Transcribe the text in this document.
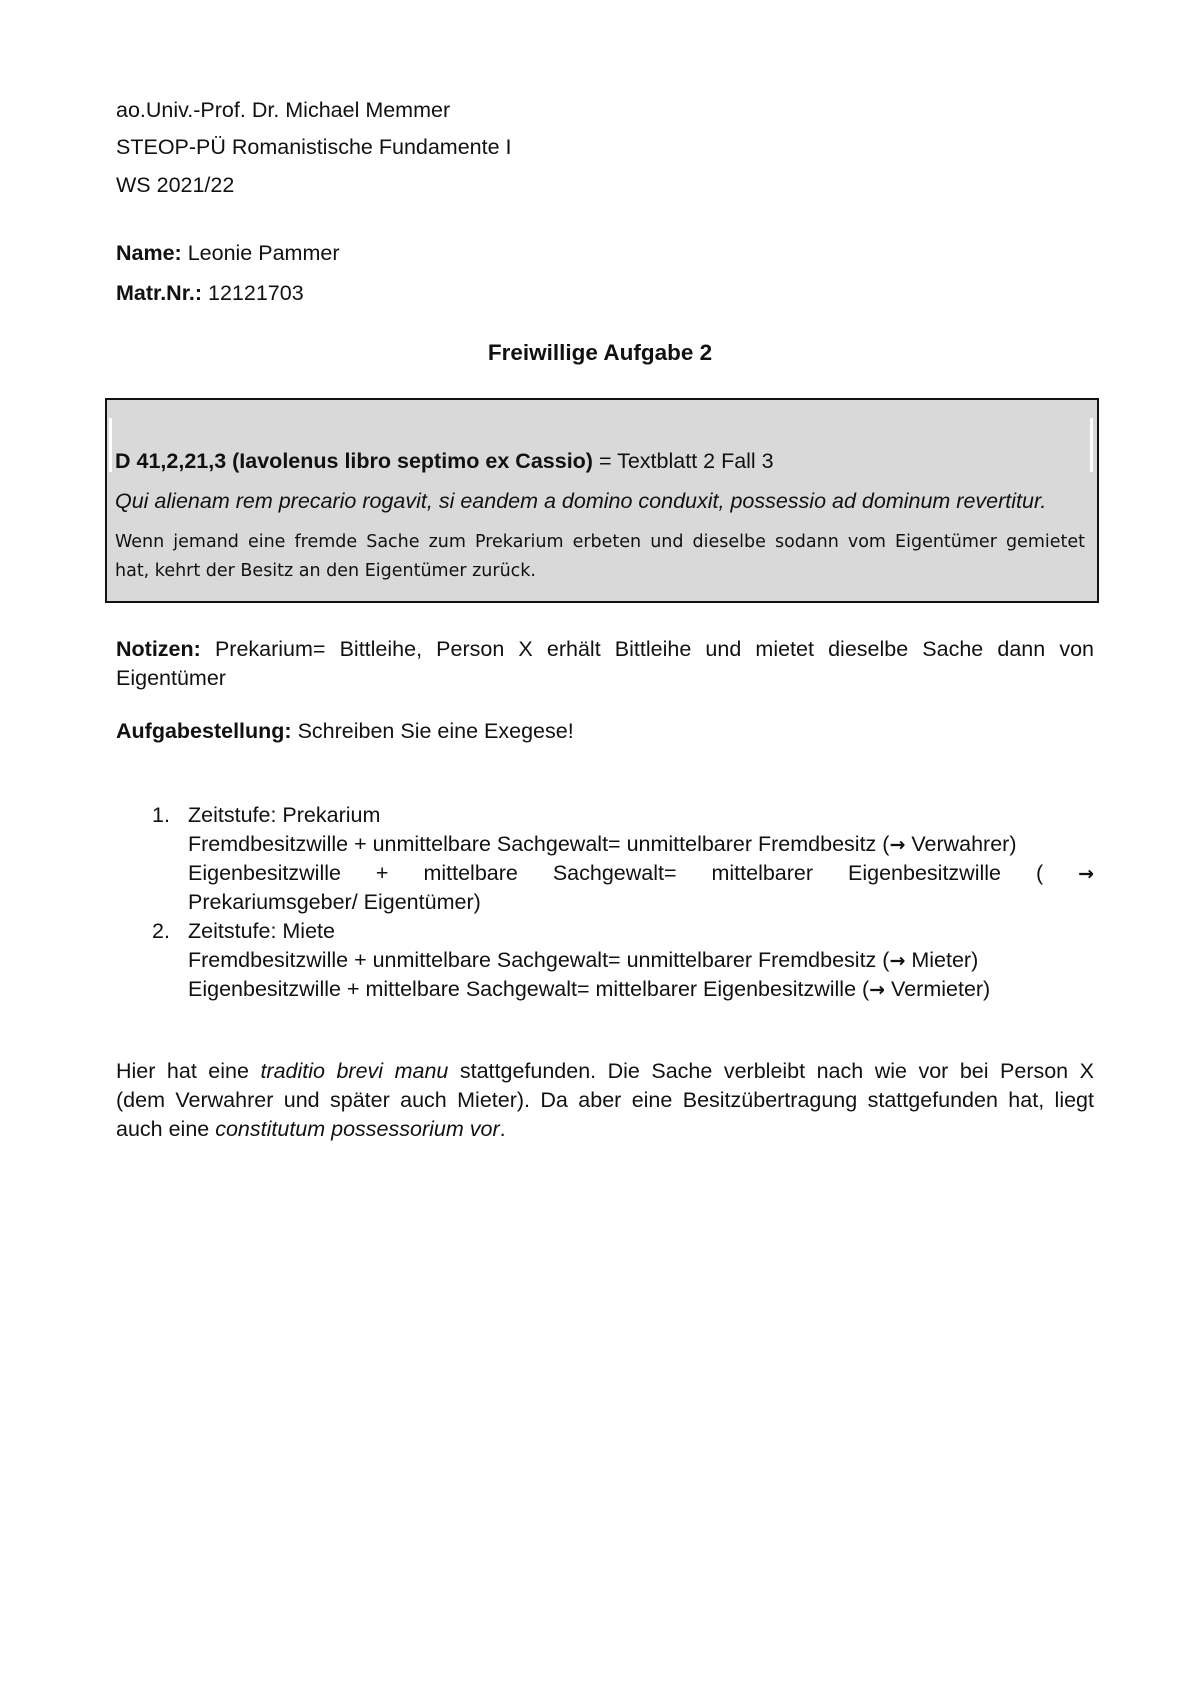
ao.Univ.-Prof. Dr. Michael Memmer
STEOP-PÜ Romanistische Fundamente I
WS 2021/22
Name: Leonie Pammer
Matr.Nr.: 12121703
Freiwillige Aufgabe 2
D 41,2,21,3 (Iavolenus libro septimo ex Cassio) = Textblatt 2 Fall 3
Qui alienam rem precario rogavit, si eandem a domino conduxit, possessio ad dominum revertitur.
Wenn jemand eine fremde Sache zum Prekarium erbeten und dieselbe sodann vom Eigentümer gemietet
hat, kehrt der Besitz an den Eigentümer zurück.
Notizen: Prekarium= Bittleihe, Person X erhält Bittleihe und mietet dieselbe Sache dann von
Eigentümer
Aufgabestellung: Schreiben Sie eine Exegese!
1. Zeitstufe: Prekarium
Fremdbesitzwille + unmittelbare Sachgewalt= unmittelbarer Fremdbesitz (→ Verwahrer)
Eigenbesitzwille + mittelbare Sachgewalt= mittelbarer Eigenbesitzwille ( →
Prekariumsgeber/ Eigentümer)
2. Zeitstufe: Miete
Fremdbesitzwille + unmittelbare Sachgewalt= unmittelbarer Fremdbesitz (→ Mieter)
Eigenbesitzwille + mittelbare Sachgewalt= mittelbarer Eigenbesitzwille (→ Vermieter)
Hier hat eine traditio brevi manu stattgefunden. Die Sache verbleibt nach wie vor bei Person X
(dem Verwahrer und später auch Mieter). Da aber eine Besitzübertragung stattgefunden hat, liegt
auch eine constitutum possessorium vor.
